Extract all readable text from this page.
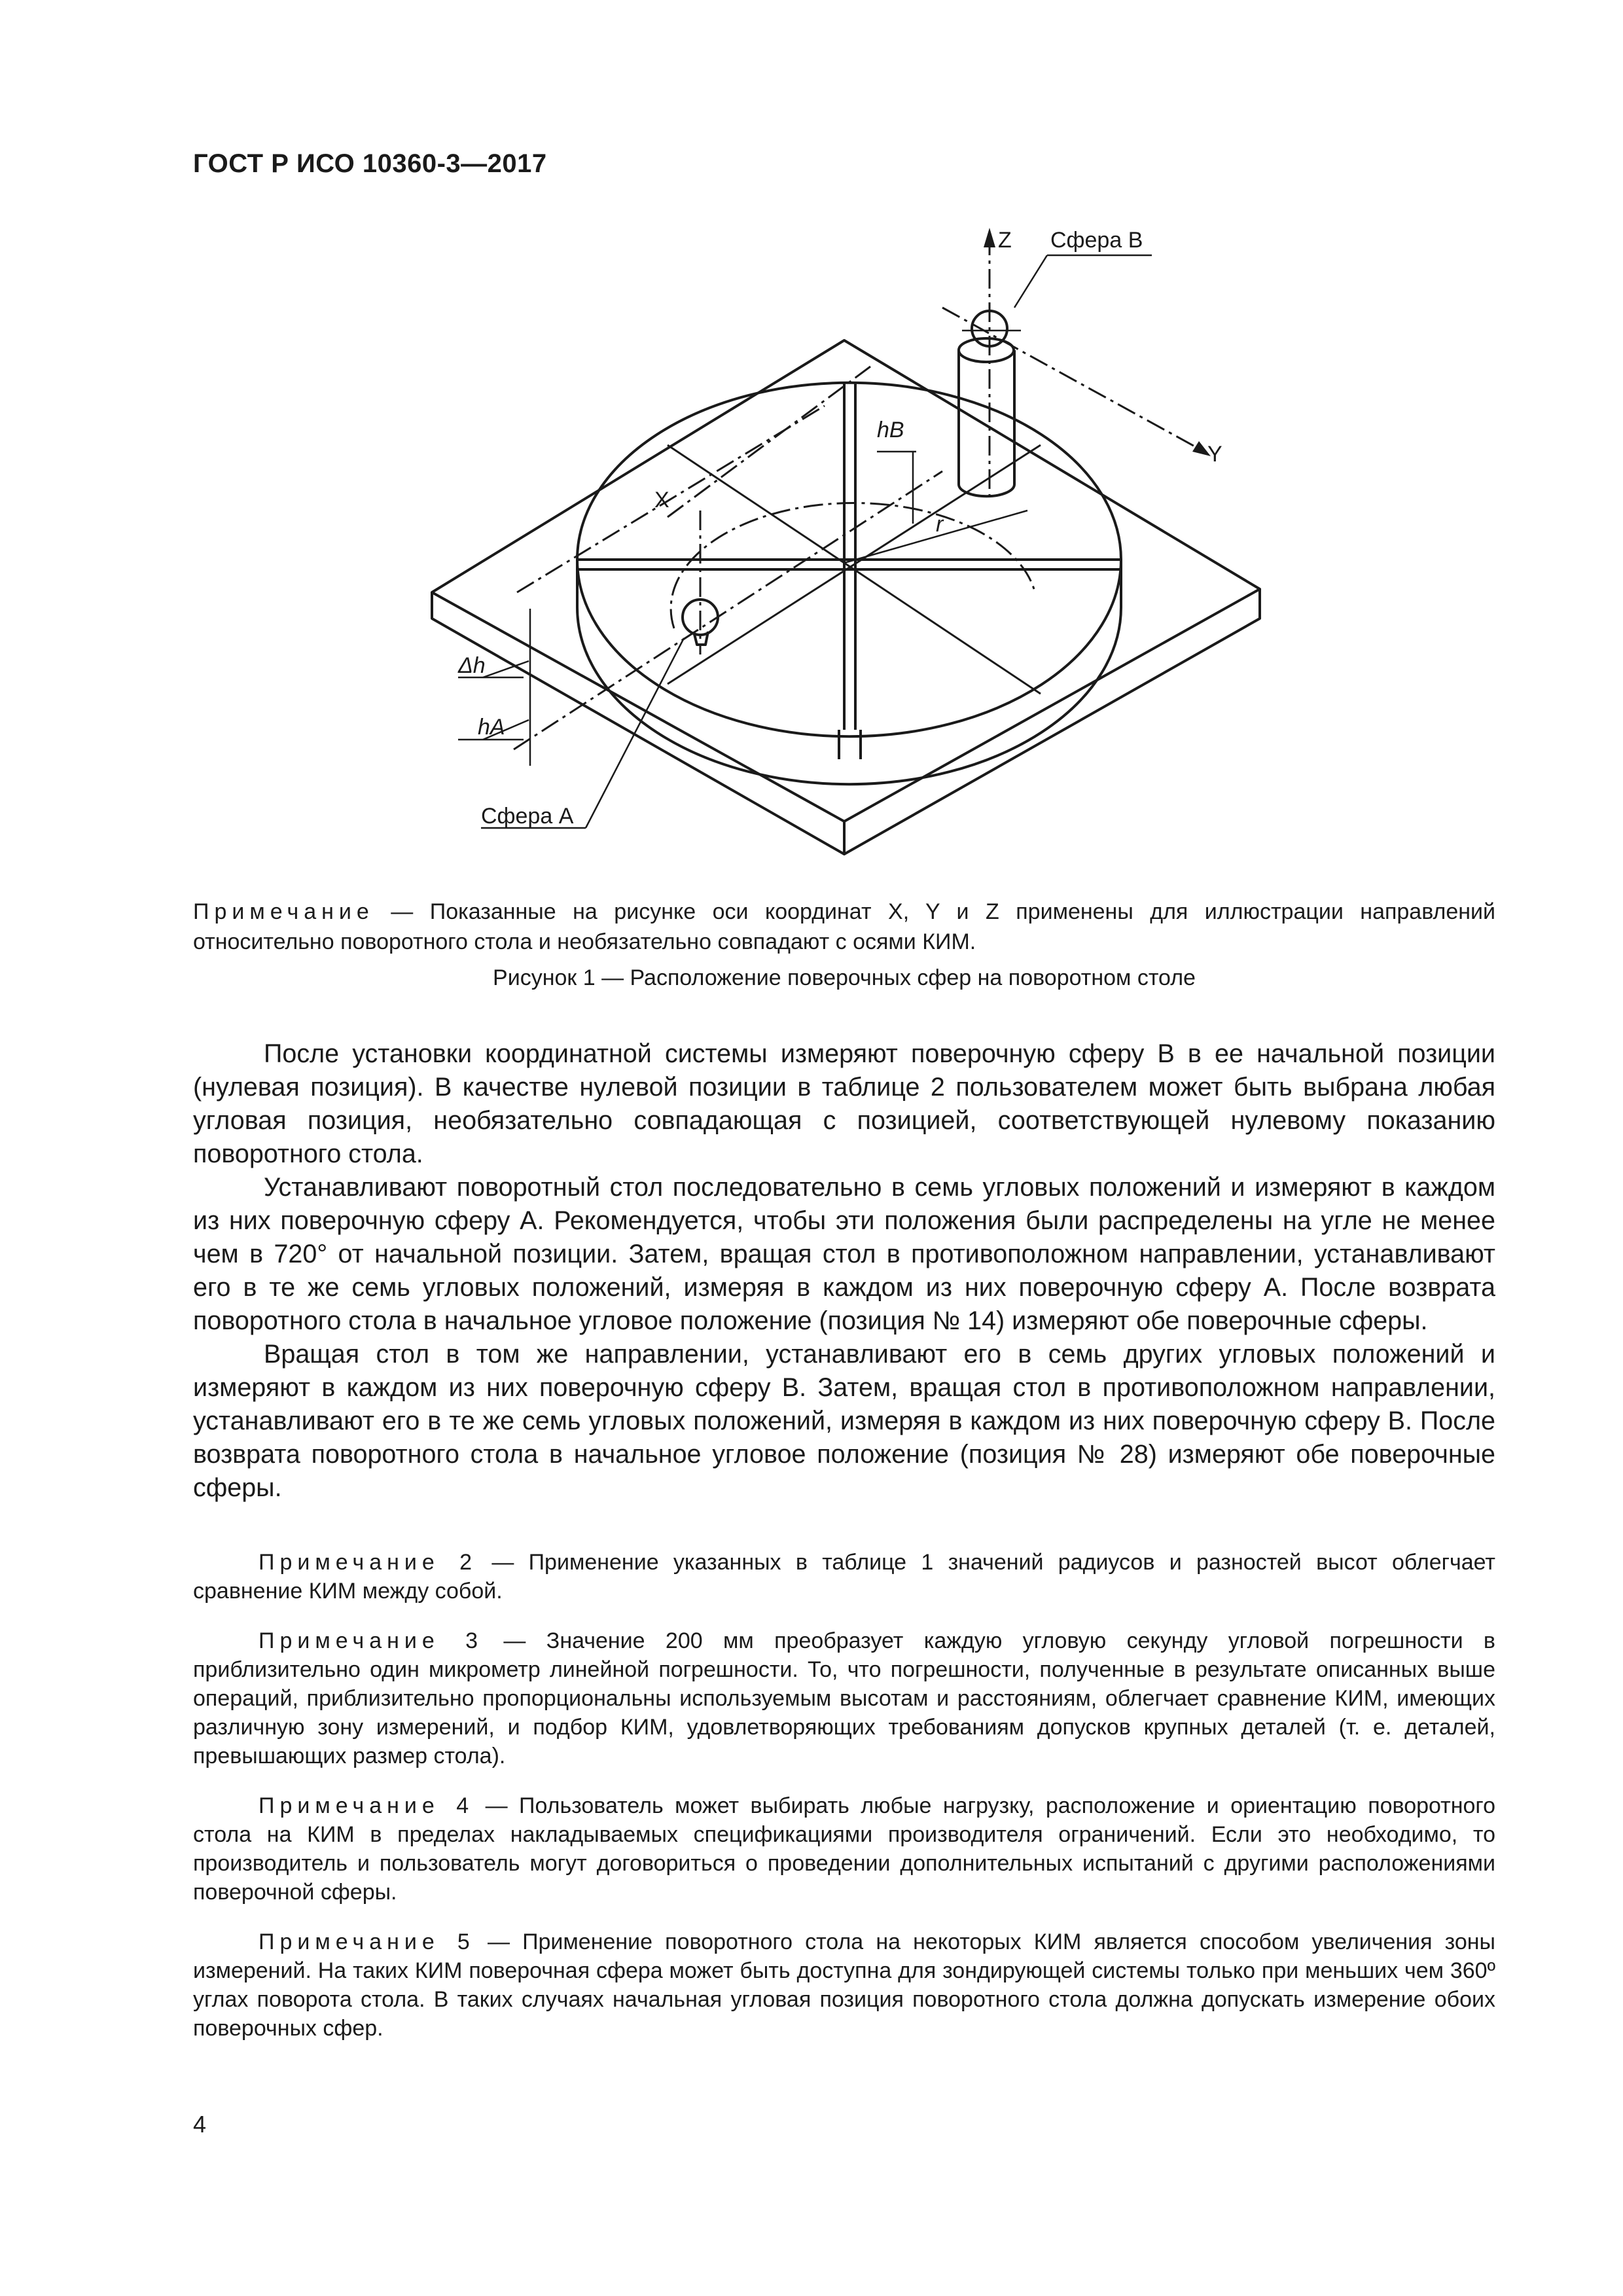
ГОСТ Р ИСО 10360-3—2017
Z Сфера B
Y
X
hB
r
Δh
hA
Сфера A
Примечание — Показанные на рисунке оси координат X, Y и Z применены для иллюстрации направлений относительно поворотного стола и необязательно совпадают с осями КИМ.
Рисунок 1 — Расположение поверочных сфер на поворотном столе

После установки координатной системы измеряют поверочную сферу B в ее начальной позиции (нулевая позиция). В качестве нулевой позиции в таблице 2 пользователем может быть выбрана любая угловая позиция, необязательно совпадающая с позицией, соответствующей нулевому показанию поворотного стола.

Устанавливают поворотный стол последовательно в семь угловых положений и измеряют в каждом из них поверочную сферу A. Рекомендуется, чтобы эти положения были распределены на угле не менее чем в 720° от начальной позиции. Затем, вращая стол в противоположном направлении, устанавливают его в те же семь угловых положений, измеряя в каждом из них поверочную сферу A. После возврата поворотного стола в начальное угловое положение (позиция № 14) измеряют обе поверочные сферы.

Вращая стол в том же направлении, устанавливают его в семь других угловых положений и измеряют в каждом из них поверочную сферу B. Затем, вращая стол в противоположном направлении, устанавливают его в те же семь угловых положений, измеряя в каждом из них поверочную сферу B. После возврата поворотного стола в начальное угловое положение (позиция № 28) измеряют обе поверочные сферы.

Примечание 2 — Применение указанных в таблице 1 значений радиусов и разностей высот облегчает сравнение КИМ между собой.

Примечание 3 — Значение 200 мм преобразует каждую угловую секунду угловой погрешности в приблизительно один микрометр линейной погрешности. То, что погрешности, полученные в результате описанных выше операций, приблизительно пропорциональны используемым высотам и расстояниям, облегчает сравнение КИМ, имеющих различную зону измерений, и подбор КИМ, удовлетворяющих требованиям допусков крупных деталей (т. е. деталей, превышающих размер стола).

Примечание 4 — Пользователь может выбирать любые нагрузку, расположение и ориентацию поворотного стола на КИМ в пределах накладываемых спецификациями производителя ограничений. Если это необходимо, то производитель и пользователь могут договориться о проведении дополнительных испытаний с другими расположениями поверочной сферы.

Примечание 5 — Применение поворотного стола на некоторых КИМ является способом увеличения зоны измерений. На таких КИМ поверочная сфера может быть доступна для зондирующей системы только при меньших чем 360º углах поворота стола. В таких случаях начальная угловая позиция поворотного стола должна допускать измерение обоих поверочных сфер.

4
